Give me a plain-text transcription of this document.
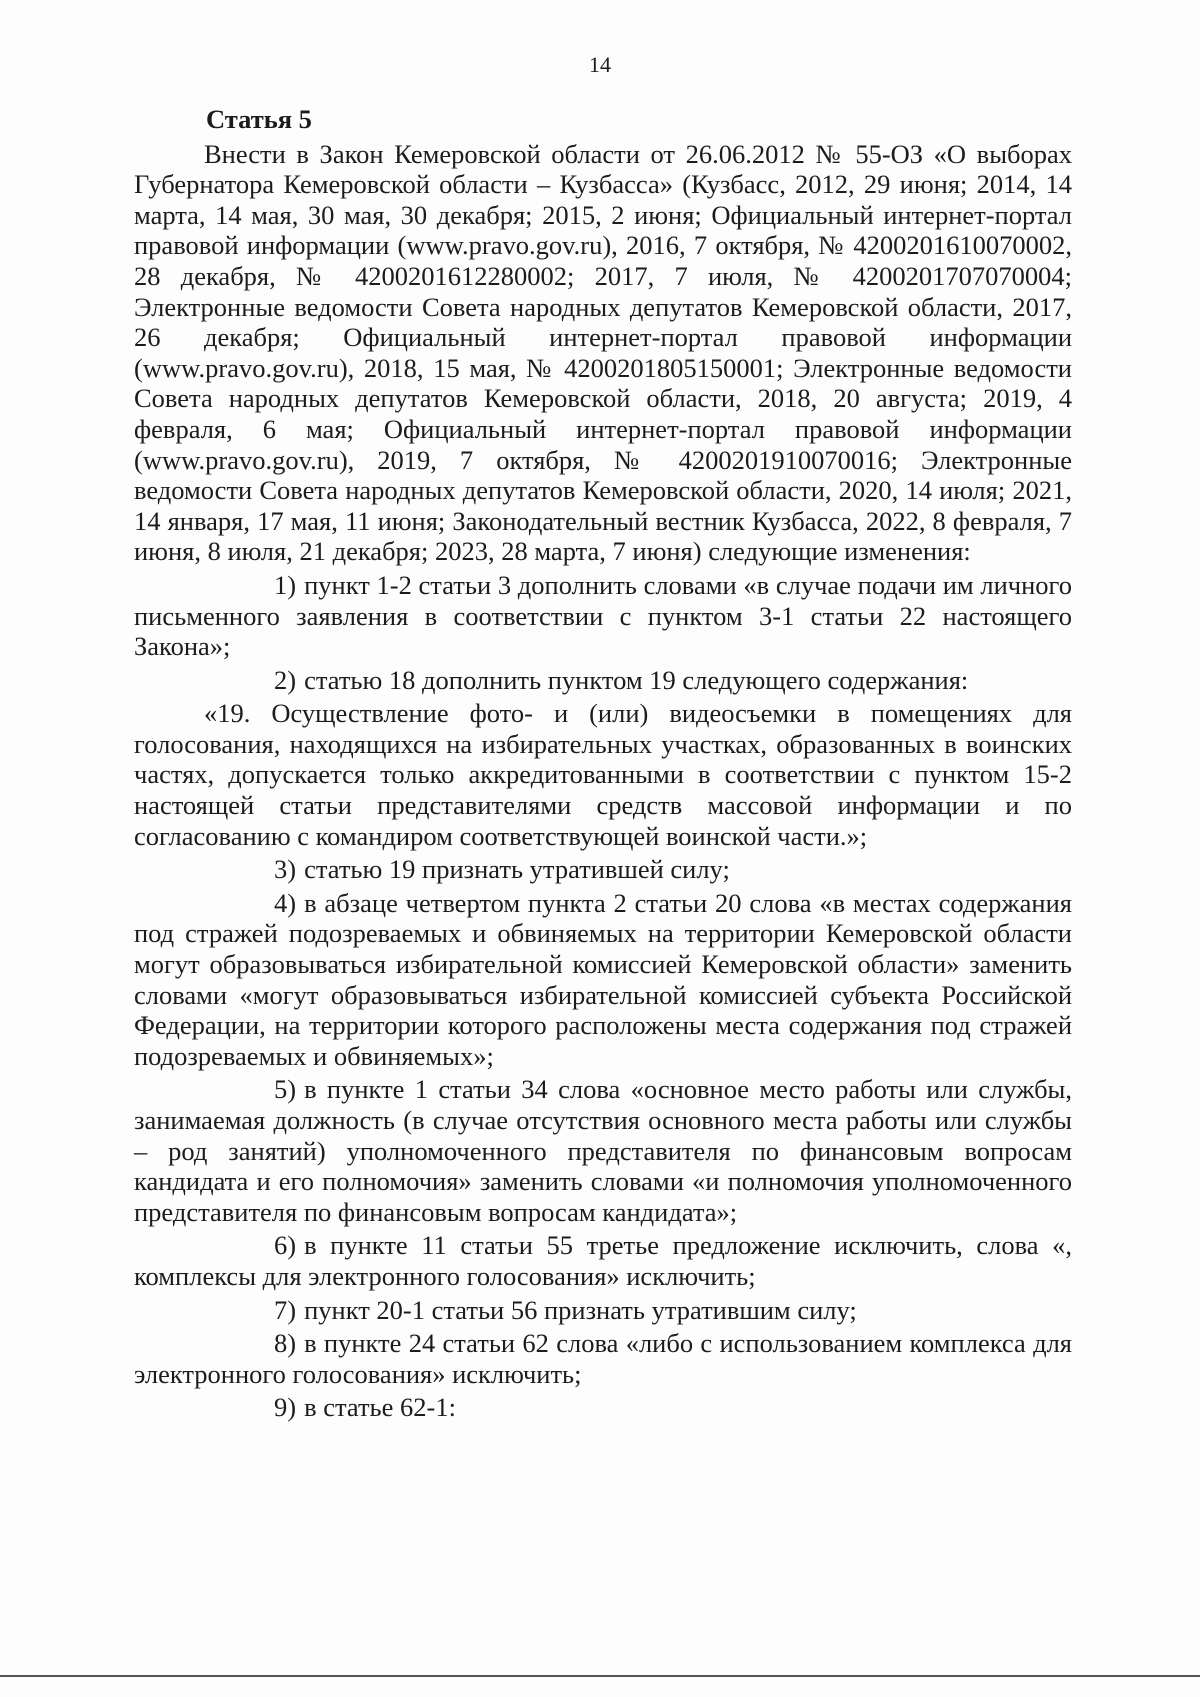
14

Статья 5

Внести в Закон Кемеровской области от 26.06.2012 № 55-ОЗ «О выборах Губернатора Кемеровской области – Кузбасса» (Кузбасс, 2012, 29 июня; 2014, 14 марта, 14 мая, 30 мая, 30 декабря; 2015, 2 июня; Официальный интернет-портал правовой информации (www.pravo.gov.ru), 2016, 7 октября, № 4200201610070002, 28 декабря, № 4200201612280002; 2017, 7 июля, № 4200201707070004; Электронные ведомости Совета народных депутатов Кемеровской области, 2017, 26 декабря; Официальный интернет-портал правовой информации (www.pravo.gov.ru), 2018, 15 мая, № 4200201805150001; Электронные ведомости Совета народных депутатов Кемеровской области, 2018, 20 августа; 2019, 4 февраля, 6 мая; Официальный интернет-портал правовой информации (www.pravo.gov.ru), 2019, 7 октября, № 4200201910070016; Электронные ведомости Совета народных депутатов Кемеровской области, 2020, 14 июля; 2021, 14 января, 17 мая, 11 июня; Законодательный вестник Кузбасса, 2022, 8 февраля, 7 июня, 8 июля, 21 декабря; 2023, 28 марта, 7 июня) следующие изменения:

1) пункт 1-2 статьи 3 дополнить словами «в случае подачи им личного письменного заявления в соответствии с пунктом 3-1 статьи 22 настоящего Закона»;

2) статью 18 дополнить пунктом 19 следующего содержания:

«19. Осуществление фото- и (или) видеосъемки в помещениях для голосования, находящихся на избирательных участках, образованных в воинских частях, допускается только аккредитованными в соответствии с пунктом 15-2 настоящей статьи представителями средств массовой информации и по согласованию с командиром соответствующей воинской части.»;

3) статью 19 признать утратившей силу;

4) в абзаце четвертом пункта 2 статьи 20 слова «в местах содержания под стражей подозреваемых и обвиняемых на территории Кемеровской области могут образовываться избирательной комиссией Кемеровской области» заменить словами «могут образовываться избирательной комиссией субъекта Российской Федерации, на территории которого расположены места содержания под стражей подозреваемых и обвиняемых»;

5) в пункте 1 статьи 34 слова «основное место работы или службы, занимаемая должность (в случае отсутствия основного места работы или службы – род занятий) уполномоченного представителя по финансовым вопросам кандидата и его полномочия» заменить словами «и полномочия уполномоченного представителя по финансовым вопросам кандидата»;

6) в пункте 11 статьи 55 третье предложение исключить, слова «, комплексы для электронного голосования» исключить;

7) пункт 20-1 статьи 56 признать утратившим силу;

8) в пункте 24 статьи 62 слова «либо с использованием комплекса для электронного голосования» исключить;

9) в статье 62-1:
